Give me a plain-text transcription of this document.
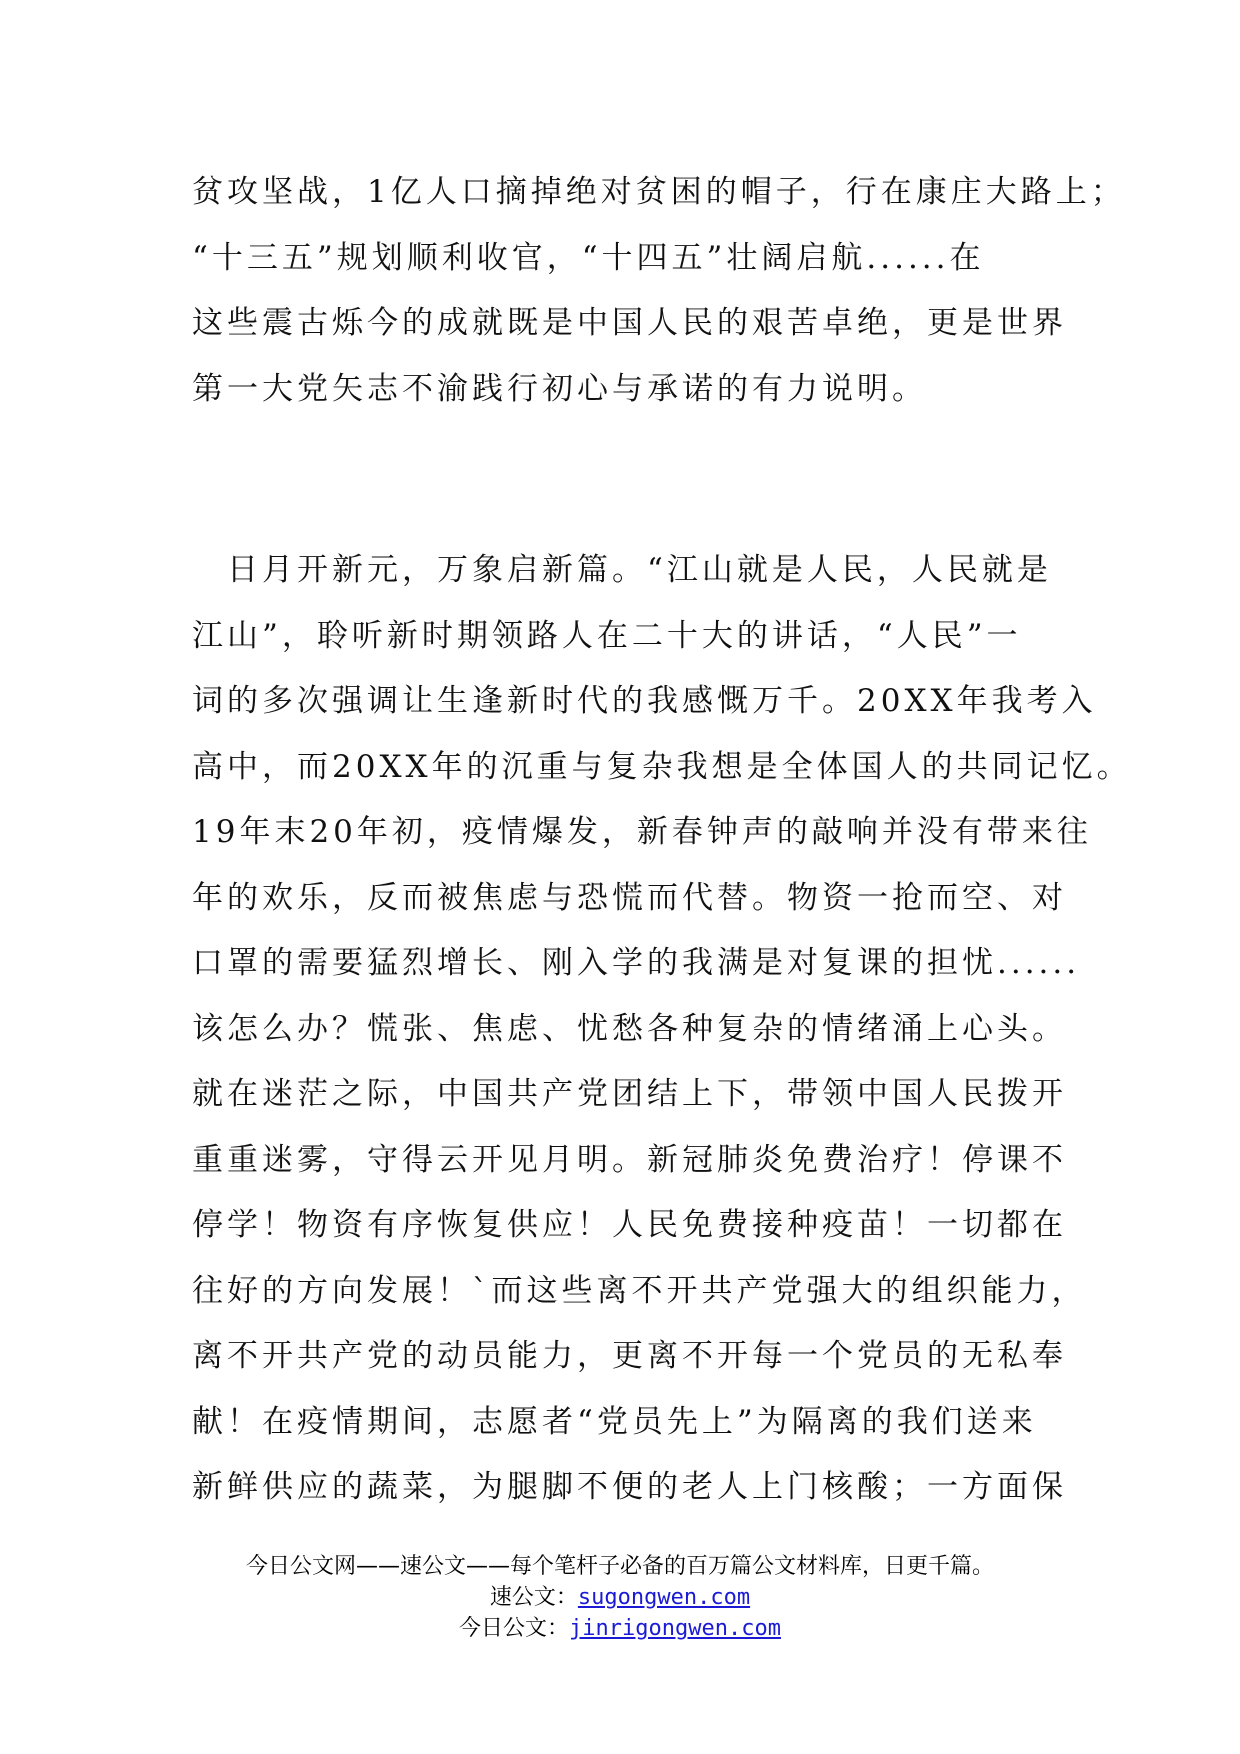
贫攻坚战，1亿人口摘掉绝对贫困的帽子，行在康庄大路上；
“十三五”规划顺利收官，“十四五”壮阔启航......在
这些震古烁今的成就既是中国人民的艰苦卓绝，更是世界
第一大党矢志不渝践行初心与承诺的有力说明。
　日月开新元，万象启新篇。“江山就是人民，人民就是
江山”，聆听新时期领路人在二十大的讲话，“人民”一
词的多次强调让生逢新时代的我感慨万千。20XX年我考入
高中，而20XX年的沉重与复杂我想是全体国人的共同记忆。
19年末20年初，疫情爆发，新春钟声的敲响并没有带来往
年的欢乐，反而被焦虑与恐慌而代替。物资一抢而空、对
口罩的需要猛烈增长、刚入学的我满是对复课的担忧......
该怎么办？慌张、焦虑、忧愁各种复杂的情绪涌上心头。
就在迷茫之际，中国共产党团结上下，带领中国人民拨开
重重迷雾，守得云开见月明。新冠肺炎免费治疗！停课不
停学！物资有序恢复供应！人民免费接种疫苗！一切都在
往好的方向发展！`而这些离不开共产党强大的组织能力，
离不开共产党的动员能力，更离不开每一个党员的无私奉
献！在疫情期间，志愿者“党员先上”为隔离的我们送来
新鲜供应的蔬菜，为腿脚不便的老人上门核酸；一方面保
今日公文网——速公文——每个笔杆子必备的百万篇公文材料库，日更千篇。
速公文：sugongwen.com
今日公文：jinrigongwen.com
